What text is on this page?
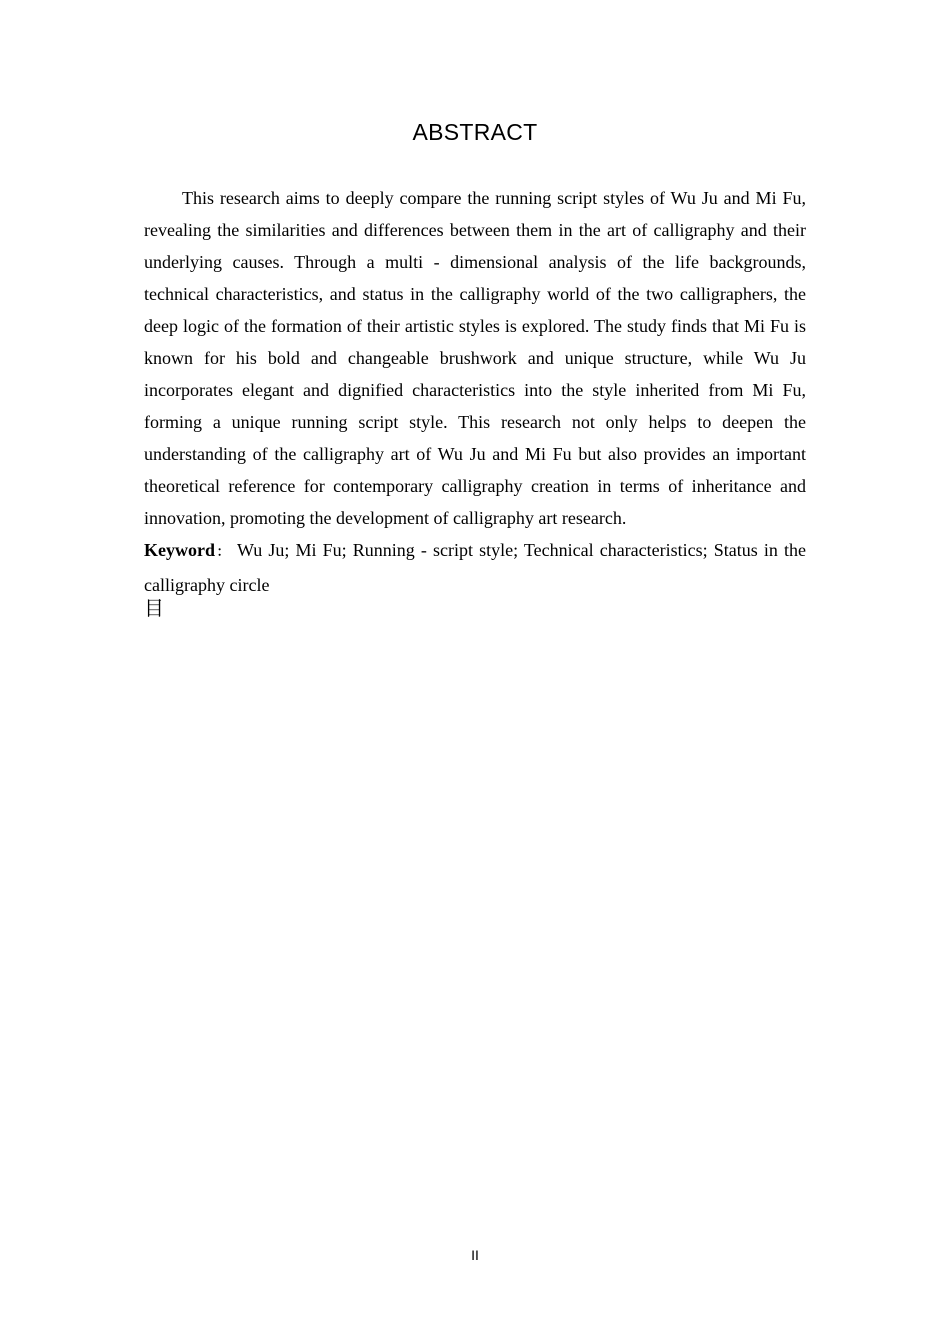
ABSTRACT

This research aims to deeply compare the running script styles of Wu Ju and Mi Fu, revealing the similarities and differences between them in the art of calligraphy and their underlying causes. Through a multi - dimensional analysis of the life backgrounds, technical characteristics, and status in the calligraphy world of the two calligraphers, the deep logic of the formation of their artistic styles is explored. The study finds that Mi Fu is known for his bold and changeable brushwork and unique structure, while Wu Ju incorporates elegant and dignified characteristics into the style inherited from Mi Fu, forming a unique running script style. This research not only helps to deepen the understanding of the calligraphy art of Wu Ju and Mi Fu but also provides an important theoretical reference for contemporary calligraphy creation in terms of inheritance and innovation, promoting the development of calligraphy art research.

Keyword： Wu Ju; Mi Fu; Running - script style; Technical characteristics; Status in the calligraphy circle

目
II
